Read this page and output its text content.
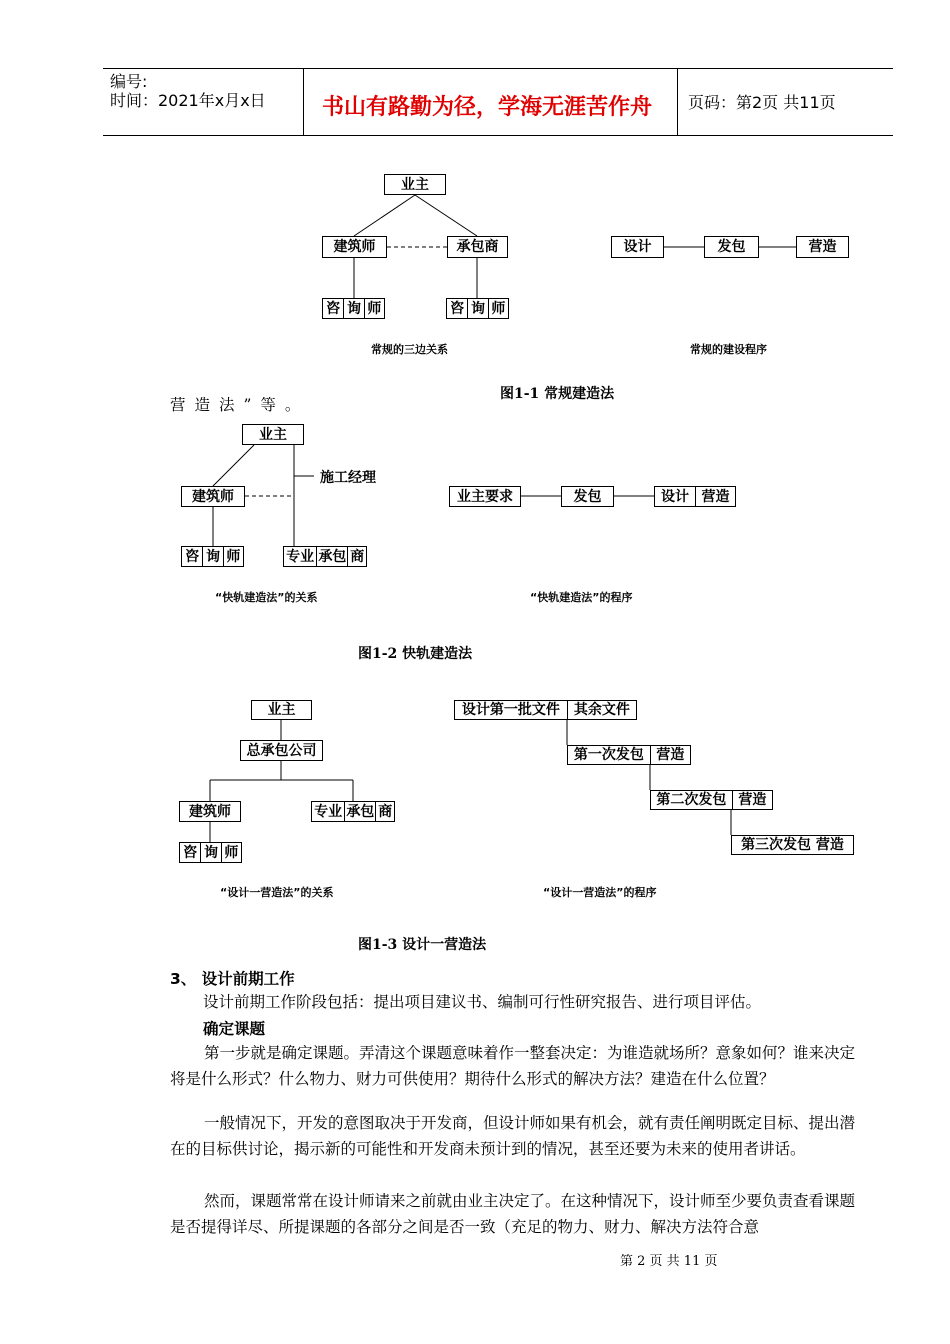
编号:
时间：2021年x月x日	书山有路勤为径，学海无涯苦作舟 页码：第2页 共11页
业主
建筑师	承包商
咨 询 师	咨 询 师
常规的三边关系
设计	发包	营造
常规的建设程序
图1-1 常规建造法
营造法”等。
业主
施工经理
建筑师
咨 询 师	专业 承包 商
“快轨建造法”的关系
业主要求	发包	设计 营造
“快轨建造法”的程序
图1-2 快轨建造法
业主
总承包公司
建筑师	专业 承包 商
咨 询 师
“设计一营造法”的关系
设计第一批文件	其余文件
第一次发包 营造
第二次发包 营造
第三次发包 营造
“设计一营造法”的程序
图1-3 设计一营造法
3、 设计前期工作
设计前期工作阶段包括：提出项目建议书、编制可行性研究报告、进行项目评估。
确定课题
第一步就是确定课题。弄清这个课题意味着作一整套决定：为谁造就场所？意象如何？谁来决定将是什么形式？什么物力、财力可供使用？期待什么形式的解决方法？建造在什么位置？
一般情况下，开发的意图取决于开发商，但设计师如果有机会，就有责任阐明既定目标、提出潜在的目标供讨论，揭示新的可能性和开发商未预计到的情况，甚至还要为未来的使用者讲话。
然而，课题常常在设计师请来之前就由业主决定了。在这种情况下，设计师至少要负责查看课题是否提得详尽、所提课题的各部分之间是否一致（充足的物力、财力、解决方法符合意
第 2 页 共 11 页
